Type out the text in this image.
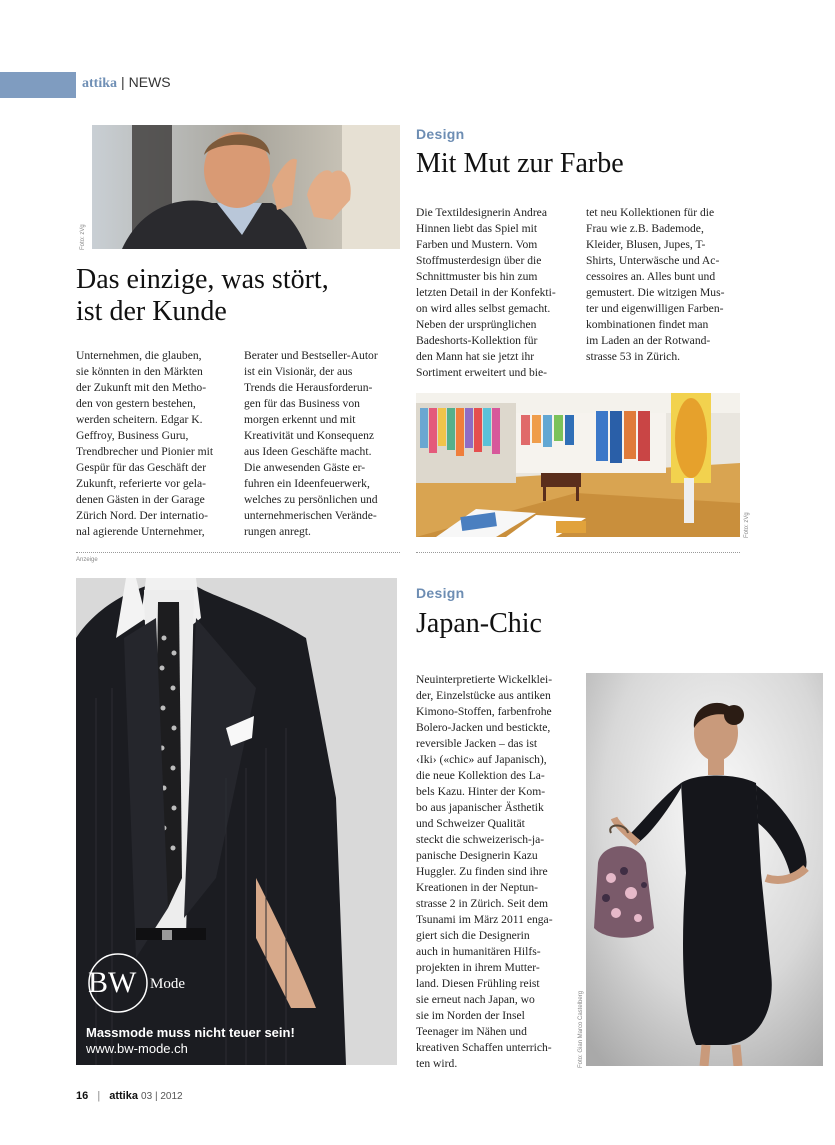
attika | NEWS
Foto: zVg
Das einzige, was stört,
ist der Kunde
Unternehmen, die glauben,
sie könnten in den Märkten
der Zukunft mit den Metho-
den von gestern bestehen,
werden scheitern. Edgar K.
Geffroy, Business Guru,
Trendbrecher und Pionier mit
Gespür für das Geschäft der
Zukunft, referierte vor gela-
denen Gästen in der Garage
Zürich Nord. Der internatio-
nal agierende Unternehmer,
Berater und Bestseller-Autor
ist ein Visionär, der aus
Trends die Herausforderun-
gen für das Business von
morgen erkennt und mit
Kreativität und Konsequenz
aus Ideen Geschäfte macht.
Die anwesenden Gäste er-
fuhren ein Ideenfeuerwerk,
welches zu persönlichen und
unternehmerischen Verände-
rungen anregt.
Design
Mit Mut zur Farbe
Die Textildesignerin Andrea
Hinnen liebt das Spiel mit
Farben und Mustern. Vom
Stoffmusterdesign über die
Schnittmuster bis hin zum
letzten Detail in der Konfekti-
on wird alles selbst gemacht.
Neben der ursprünglichen
Badeshorts-Kollektion für
den Mann hat sie jetzt ihr
Sortiment erweitert und bie-
tet neu Kollektionen für die
Frau wie z.B. Bademode,
Kleider, Blusen, Jupes, T-
Shirts, Unterwäsche und Ac-
cessoires an. Alles bunt und
gemustert. Die witzigen Mus-
ter und eigenwilligen Farben-
kombinationen findet man
im Laden an der Rotwand-
strasse 53 in Zürich.
Foto: zVg
Anzeige
BW Mode
Massmode muss nicht teuer sein!
www.bw-mode.ch
Design
Japan-Chic
Neuinterpretierte Wickelklei-
der, Einzelstücke aus antiken
Kimono-Stoffen, farbenfrohe
Bolero-Jacken und bestickte,
reversible Jacken – das ist
‹Iki› («chic» auf Japanisch),
die neue Kollektion des La-
bels Kazu. Hinter der Kom-
bo aus japanischer Ästhetik
und Schweizer Qualität
steckt die schweizerisch-ja-
panische Designerin Kazu
Huggler. Zu finden sind ihre
Kreationen in der Neptun-
strasse 2 in Zürich. Seit dem
Tsunami im März 2011 enga-
giert sich die Designerin
auch in humanitären Hilfs-
projekten in ihrem Mutter-
land. Diesen Frühling reist
sie erneut nach Japan, wo
sie im Norden der Insel
Teenager im Nähen und
kreativen Schaffen unterrich-
ten wird.	Foto: Gian Marco Castelberg
16 | attika 03 | 2012
